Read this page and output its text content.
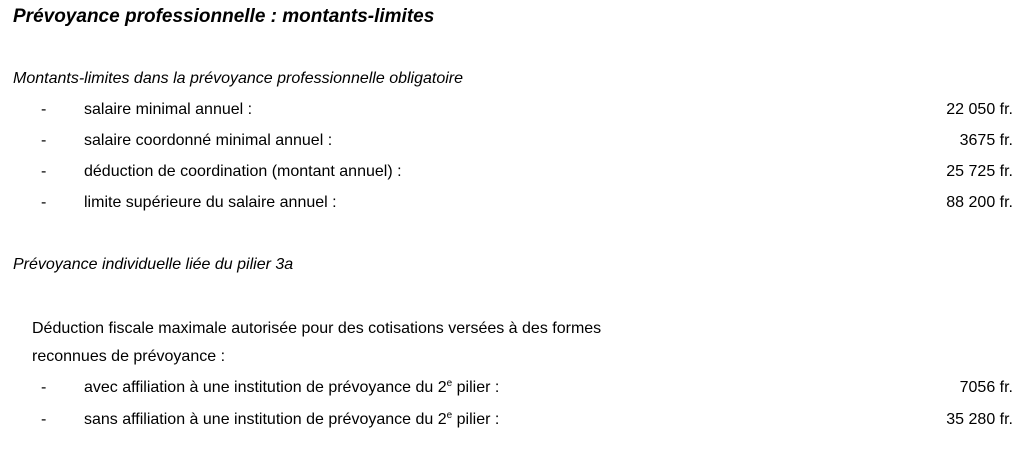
Prévoyance professionnelle : montants-limites
Montants-limites dans la prévoyance professionnelle obligatoire
- salaire minimal annuel :	22 050 fr.
- salaire coordonné minimal annuel :	3675 fr.
- déduction de coordination (montant annuel) :	25 725 fr.
- limite supérieure du salaire annuel :	88 200 fr.
Prévoyance individuelle liée du pilier 3a
Déduction fiscale maximale autorisée pour des cotisations versées à des formes
reconnues de prévoyance :
- avec affiliation à une institution de prévoyance du 2e pilier :	7056 fr.
- sans affiliation à une institution de prévoyance du 2e pilier :	35 280 fr.
